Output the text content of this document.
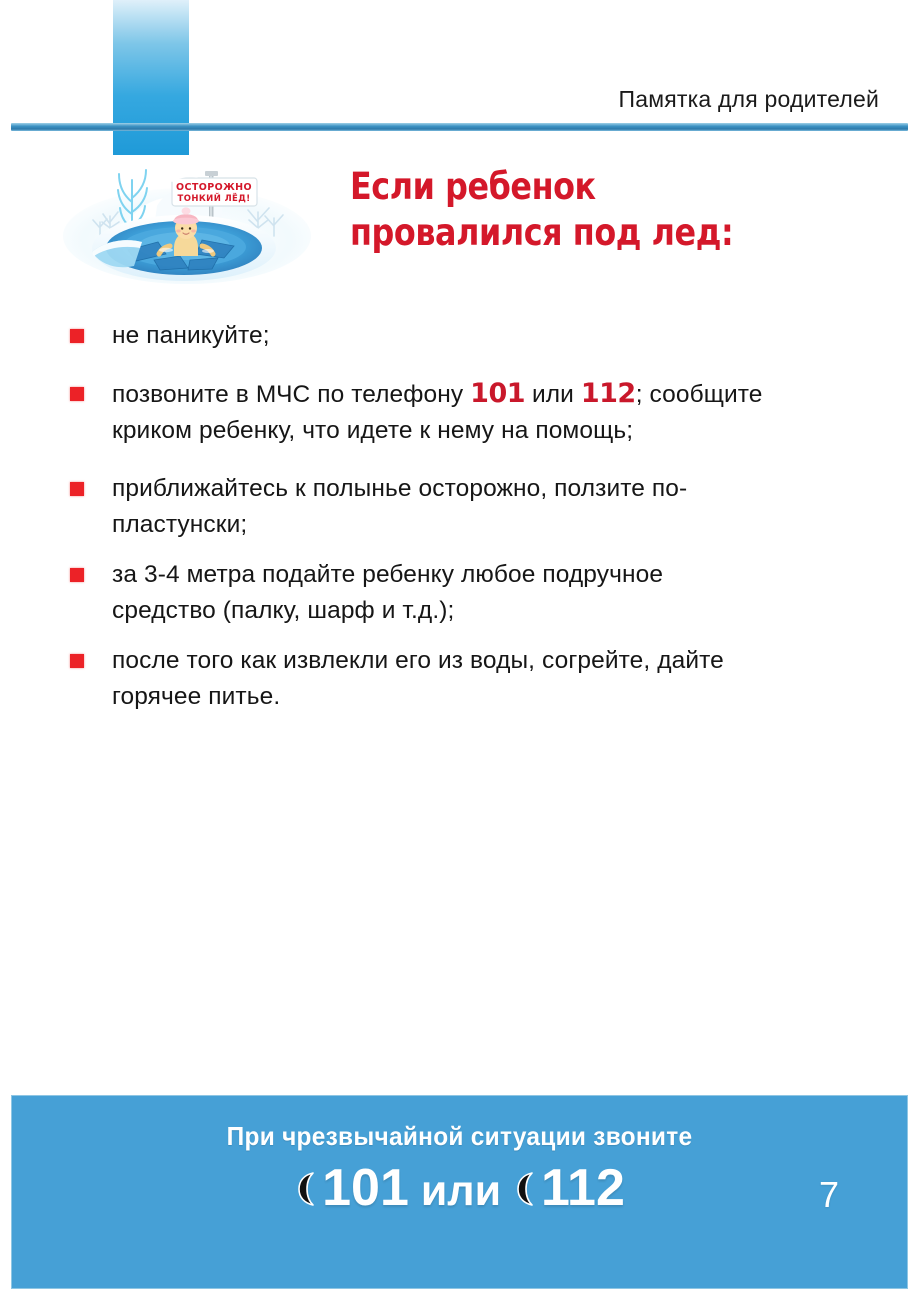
Памятка для родителей
ОСТОРОЖНО
ТОНКИЙ ЛЁД!	Если ребенок
провалился под лед:
не паникуйте;
позвоните в МЧС по телефону 101 или 112; сообщите криком ребенку, что идете к нему на помощь;
приближайтесь к полынье осторожно, ползите по-пластунски;
за 3-4 метра подайте ребенку любое подручное средство (палку, шарф и т.д.);
после того как извлекли его из воды, согрейте, дайте горячее питье.
При чрезвычайной ситуации звоните
101 или 112	7
